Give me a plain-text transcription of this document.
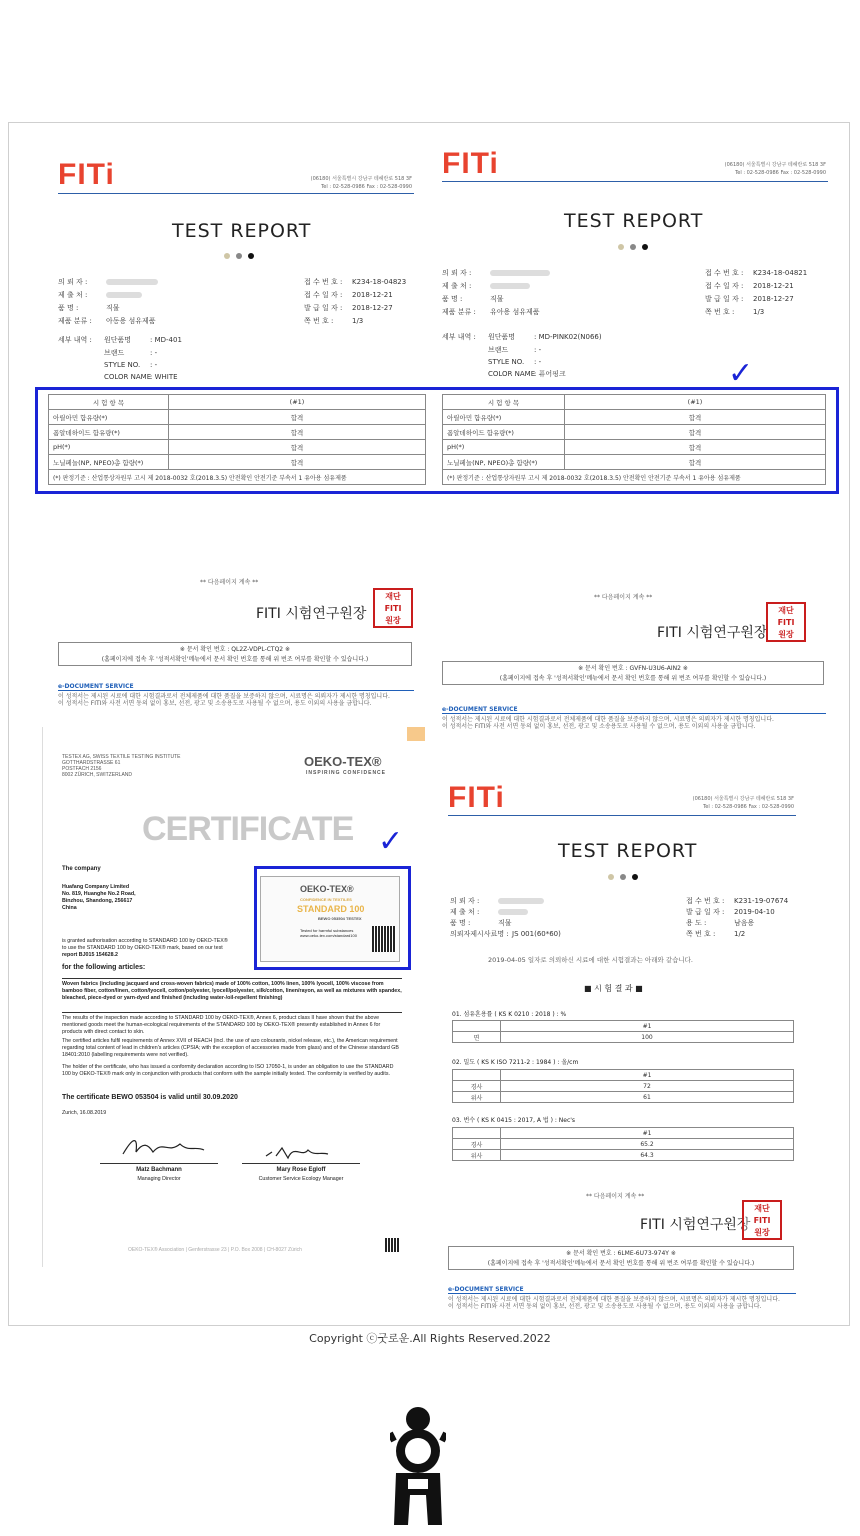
FITi	(06180) 서울특별시 강남구 테헤란로 518 3F
Tel : 02-528-0986 Fax : 02-528-0990
TEST REPORT
의 뢰 자 :
제 출 처 :
품 명 :	직물
제품 분류 : 아동용 섬유제품
접 수 번 호 : K234-18-04823
접 수 일 자 : 2018-12-21
발 급 일 자 : 2018-12-27
쪽 번 호 :	1/3
세부 내역 : 원단품명	: MD-401
브랜드	: -
STYLE NO. : -
COLOR NAME: WHITE
시 험 항 목	(#1)
아릴아민 함유량(*)	합격
폼알데하이드 함유량(*)	합격
pH(*)	합격
노닐페놀(NP, NPEO)총 함량(*)	합격
(*) 판정기준 : 산업통상자원부 고시 제 2018-0032 호(2018.3.5) 안전확인 안전기준 부속서 1 유아용 섬유제품	
** 다음페이지 계속 **
FITI 시험연구원장
재단
FITI
원장
※ 문서 확인 번호 : QL2Z-VDPL-CTQ2 ※
(홈페이지에 접속 후 '성적서확인'메뉴에서 문서 확인 번호를 통해 위 번조 여부를 확인할 수 있습니다.)
e-DOCUMENT SERVICE
이 성적서는 제시된 시료에 대한 시험결과로서 전체제품에 대한 품질을 보증하지 않으며, 시료명은 의뢰자가 제시한 명칭입니다.
이 성적서는 FITI와 사전 서면 동의 없이 홍보, 선전, 광고 및 소송용도로 사용될 수 없으며, 용도 이외의 사용을 금합니다.
FITi	(06180) 서울특별시 강남구 테헤란로 518 3F
Tel : 02-528-0986 Fax : 02-528-0990
TEST REPORT
의 뢰 자 :
제 출 처 :
품 명 :	직물
제품 분류 : 유아용 섬유제품
접 수 번 호 : K234-18-04821
접 수 일 자 : 2018-12-21
발 급 일 자 : 2018-12-27
쪽 번 호 :	1/3
세부 내역 : 원단품명	: MD-PINK02(N066)
브랜드	: -
STYLE NO. : -
COLOR NAME: 퓨어핑크
시 험 항 목	(#1)
아릴아민 함유량(*)	합격
폼알데하이드 함유량(*)	합격
pH(*)	합격
노닐페놀(NP, NPEO)총 함량(*)	합격
(*) 판정기준 : 산업통상자원부 고시 제 2018-0032 호(2018.3.5) 안전확인 안전기준 부속서 1 유아용 섬유제품	
** 다음페이지 계속 **
FITI 시험연구원장
재단
FITI
원장
※ 문서 확인 번호 : GVFN-U3U6-AIN2 ※
(홈페이지에 접속 후 '성적서확인'메뉴에서 문서 확인 번호를 통해 위 번조 여부를 확인할 수 있습니다.)
e-DOCUMENT SERVICE
이 성적서는 제시된 시료에 대한 시험결과로서 전체제품에 대한 품질을 보증하지 않으며, 시료명은 의뢰자가 제시한 명칭입니다.
이 성적서는 FITI와 사전 서면 동의 없이 홍보, 선전, 광고 및 소송용도로 사용될 수 없으며, 용도 이외의 사용을 금합니다.
✓
TESTEX AG, SWISS TEXTILE TESTING INSTITUTE
GOTTHARDSTRASSE 61
POSTFACH 2156
8002 ZÜRICH, SWITZERLAND
OEKO-TEX®
INSPIRING CONFIDENCE
CERTIFICATE
The company
Huafang Company Limited
No. 819, Huanghe No.2 Road,
Binzhou, Shandong, 256617
China
is granted authorisation according to STANDARD 100 by OEKO-TEX®
to use the STANDARD 100 by OEKO-TEX® mark, based on our test
report BJ015 154628.2
for the following articles:
Woven fabrics (including jacquard and cross-woven fabrics) made of 100% cotton, 100% linen, 100% lyocell, 100% viscose from bamboo fiber, cotton/linen, cotton/lyocell, cotton/polyester, lyocell/polyester, silk/cotton, linen/rayon, as well as mixtures with spandex, bleached, piece-dyed or yarn-dyed and finished (including water-/oil-repellent finishing)
The results of the inspection made according to STANDARD 100 by OEKO-TEX®, Annex 6, product class II have shown that the above mentioned goods meet the human-ecological requirements of the STANDARD 100 by OEKO-TEX® presently established in Annex 6 for products with direct contact to skin.
The certified articles fulfil requirements of Annex XVII of REACH (incl. the use of azo colourants, nickel release, etc.), the American requirement regarding total content of lead in children's articles (CPSIA; with the exception of accessories made from glass) and of the Chinese standard GB 18401:2010 (labelling requirements were not verified).
The holder of the certificate, who has issued a conformity declaration according to ISO 17050-1, is under an obligation to use the STANDARD 100 by OEKO-TEX® mark only in conjunction with products that conform with the sample initially tested. The conformity is verified by audits.
The certificate BEWO 053504 is valid until 30.09.2020
Zurich, 16.08.2019
Matz Bachmann
Managing Director
Mary Rose Egloff
Customer Service Ecology Manager
OEKO-TEX® Association | Genferstrasse 23 | P.O. Box 2008 | CH-8027 Zürich
OEKO-TEX®
CONFIDENCE IN TEXTILES
STANDARD 100
BEWO 053504 TESTEX
Tested for harmful substances
www.oeko-tex.com/standard100
✓
FITi	(06180) 서울특별시 강남구 테헤란로 518 3F
Tel : 02-528-0986 Fax : 02-528-0990
TEST REPORT
의 뢰 자 :
제 출 처 :
품 명 :	직물
의뢰자제시사료명 : JS 001(60*60)
접 수 번 호 : K231-19-07674
발 급 일 자 : 2019-04-10
용 도 :	남음용
쪽 번 호 :	1/2
2019-04-05 일자로 의뢰하신 시료에 대한 시험결과는 아래와 같습니다.
■ 시 험 결 과 ■
01. 섬유혼용률 ( KS K 0210 : 2018 ) : %
	#1
면	100
02. 밀도 ( KS K ISO 7211-2 : 1984 ) : 올/cm
	#1
경사	72
위사	61
03. 번수 ( KS K 0415 : 2017, A 법 ) : Nec's
	#1
경사	65.2
위사	64.3
** 다음페이지 계속 **
FITI 시험연구원장
재단
FITI
원장
※ 문서 확인 번호 : 6LME-6U73-974Y ※
(홈페이지에 접속 후 '성적서확인'메뉴에서 문서 확인 번호를 통해 위 번조 여부를 확인할 수 있습니다.)
e-DOCUMENT SERVICE
이 성적서는 제시된 시료에 대한 시험결과로서 전체제품에 대한 품질을 보증하지 않으며, 시료명은 의뢰자가 제시한 명칭입니다.
이 성적서는 FITI와 사전 서면 동의 없이 홍보, 선전, 광고 및 소송용도로 사용될 수 없으며, 용도 이외의 사용을 금합니다.
Copyright ⓒ굿로운.All Rights Reserved.2022
